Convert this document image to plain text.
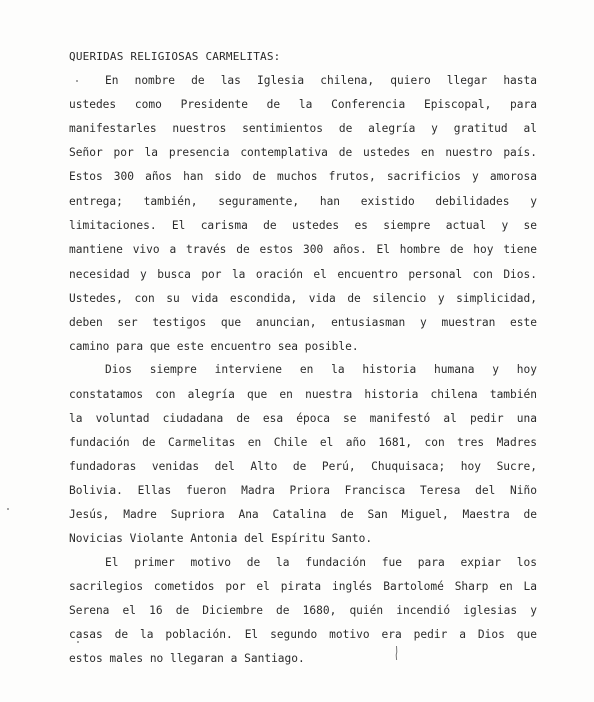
QUERIDAS RELIGIOSAS CARMELITAS:
En nombre de las Iglesia chilena, quiero llegar hasta
ustedes como Presidente de la Conferencia Episcopal, para
manifestarles nuestros sentimientos de alegría y gratitud al
Señor por la presencia contemplativa de ustedes en nuestro país.
Estos 300 años han sido de muchos frutos, sacrificios y amorosa
entrega; también, seguramente, han existido debilidades y
limitaciones. El carisma de ustedes es siempre actual y se
mantiene vivo a través de estos 300 años. El hombre de hoy tiene
necesidad y busca por la oración el encuentro personal con Dios.
Ustedes, con su vida escondida, vida de silencio y simplicidad,
deben ser testigos que anuncian, entusiasman y muestran este
camino para que este encuentro sea posible.
Dios siempre interviene en la historia humana y hoy
constatamos con alegría que en nuestra historia chilena también
la voluntad ciudadana de esa época se manifestó al pedir una
fundación de Carmelitas en Chile el año 1681, con tres Madres
fundadoras venidas del Alto de Perú, Chuquisaca; hoy Sucre,
Bolivia. Ellas fueron Madra Priora Francisca Teresa del Niño
Jesús, Madre Supriora Ana Catalina de San Miguel, Maestra de
Novicias Violante Antonia del Espíritu Santo.
El primer motivo de la fundación fue para expiar los
sacrilegios cometidos por el pirata inglés Bartolomé Sharp en La
Serena el 16 de Diciembre de 1680, quién incendió iglesias y
casas de la población. El segundo motivo era pedir a Dios que
estos males no llegaran a Santiago.
